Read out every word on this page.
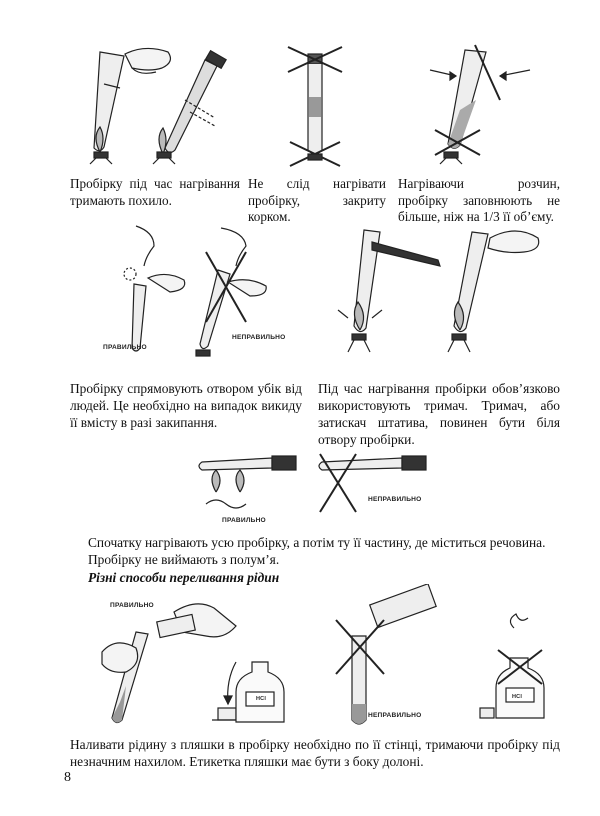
Пробірку під час нагрівання тримають похило.
Не слід нагрівати пробірку, закриту корком.
Нагріваючи розчин, пробірку заповнюють не більше, ніж на 1/3 її об’єму.
ПРАВИЛЬНО
НЕПРАВИЛЬНО
Пробірку спрямовують отвором убік від людей. Це необхідно на випадок викиду її вмісту в разі закипання.
Під час нагрівання пробірки обов’язково використовують тримач. Тримач, або затискач штатива, повинен бути біля отвору пробірки.
ПРАВИЛЬНО
НЕПРАВИЛЬНО
Спочатку нагрівають усю пробірку, а потім ту її частину, де міститься речовина. Пробірку не виймають з полум’я.
Різні способи переливання рідин
ПРАВИЛЬНО
HCl
НЕПРАВИЛЬНО
HCl
Наливати рідину з пляшки в пробірку необхідно по її стінці, тримаючи пробірку під незначним нахилом. Етикетка пляшки має бути з боку долоні.
8
